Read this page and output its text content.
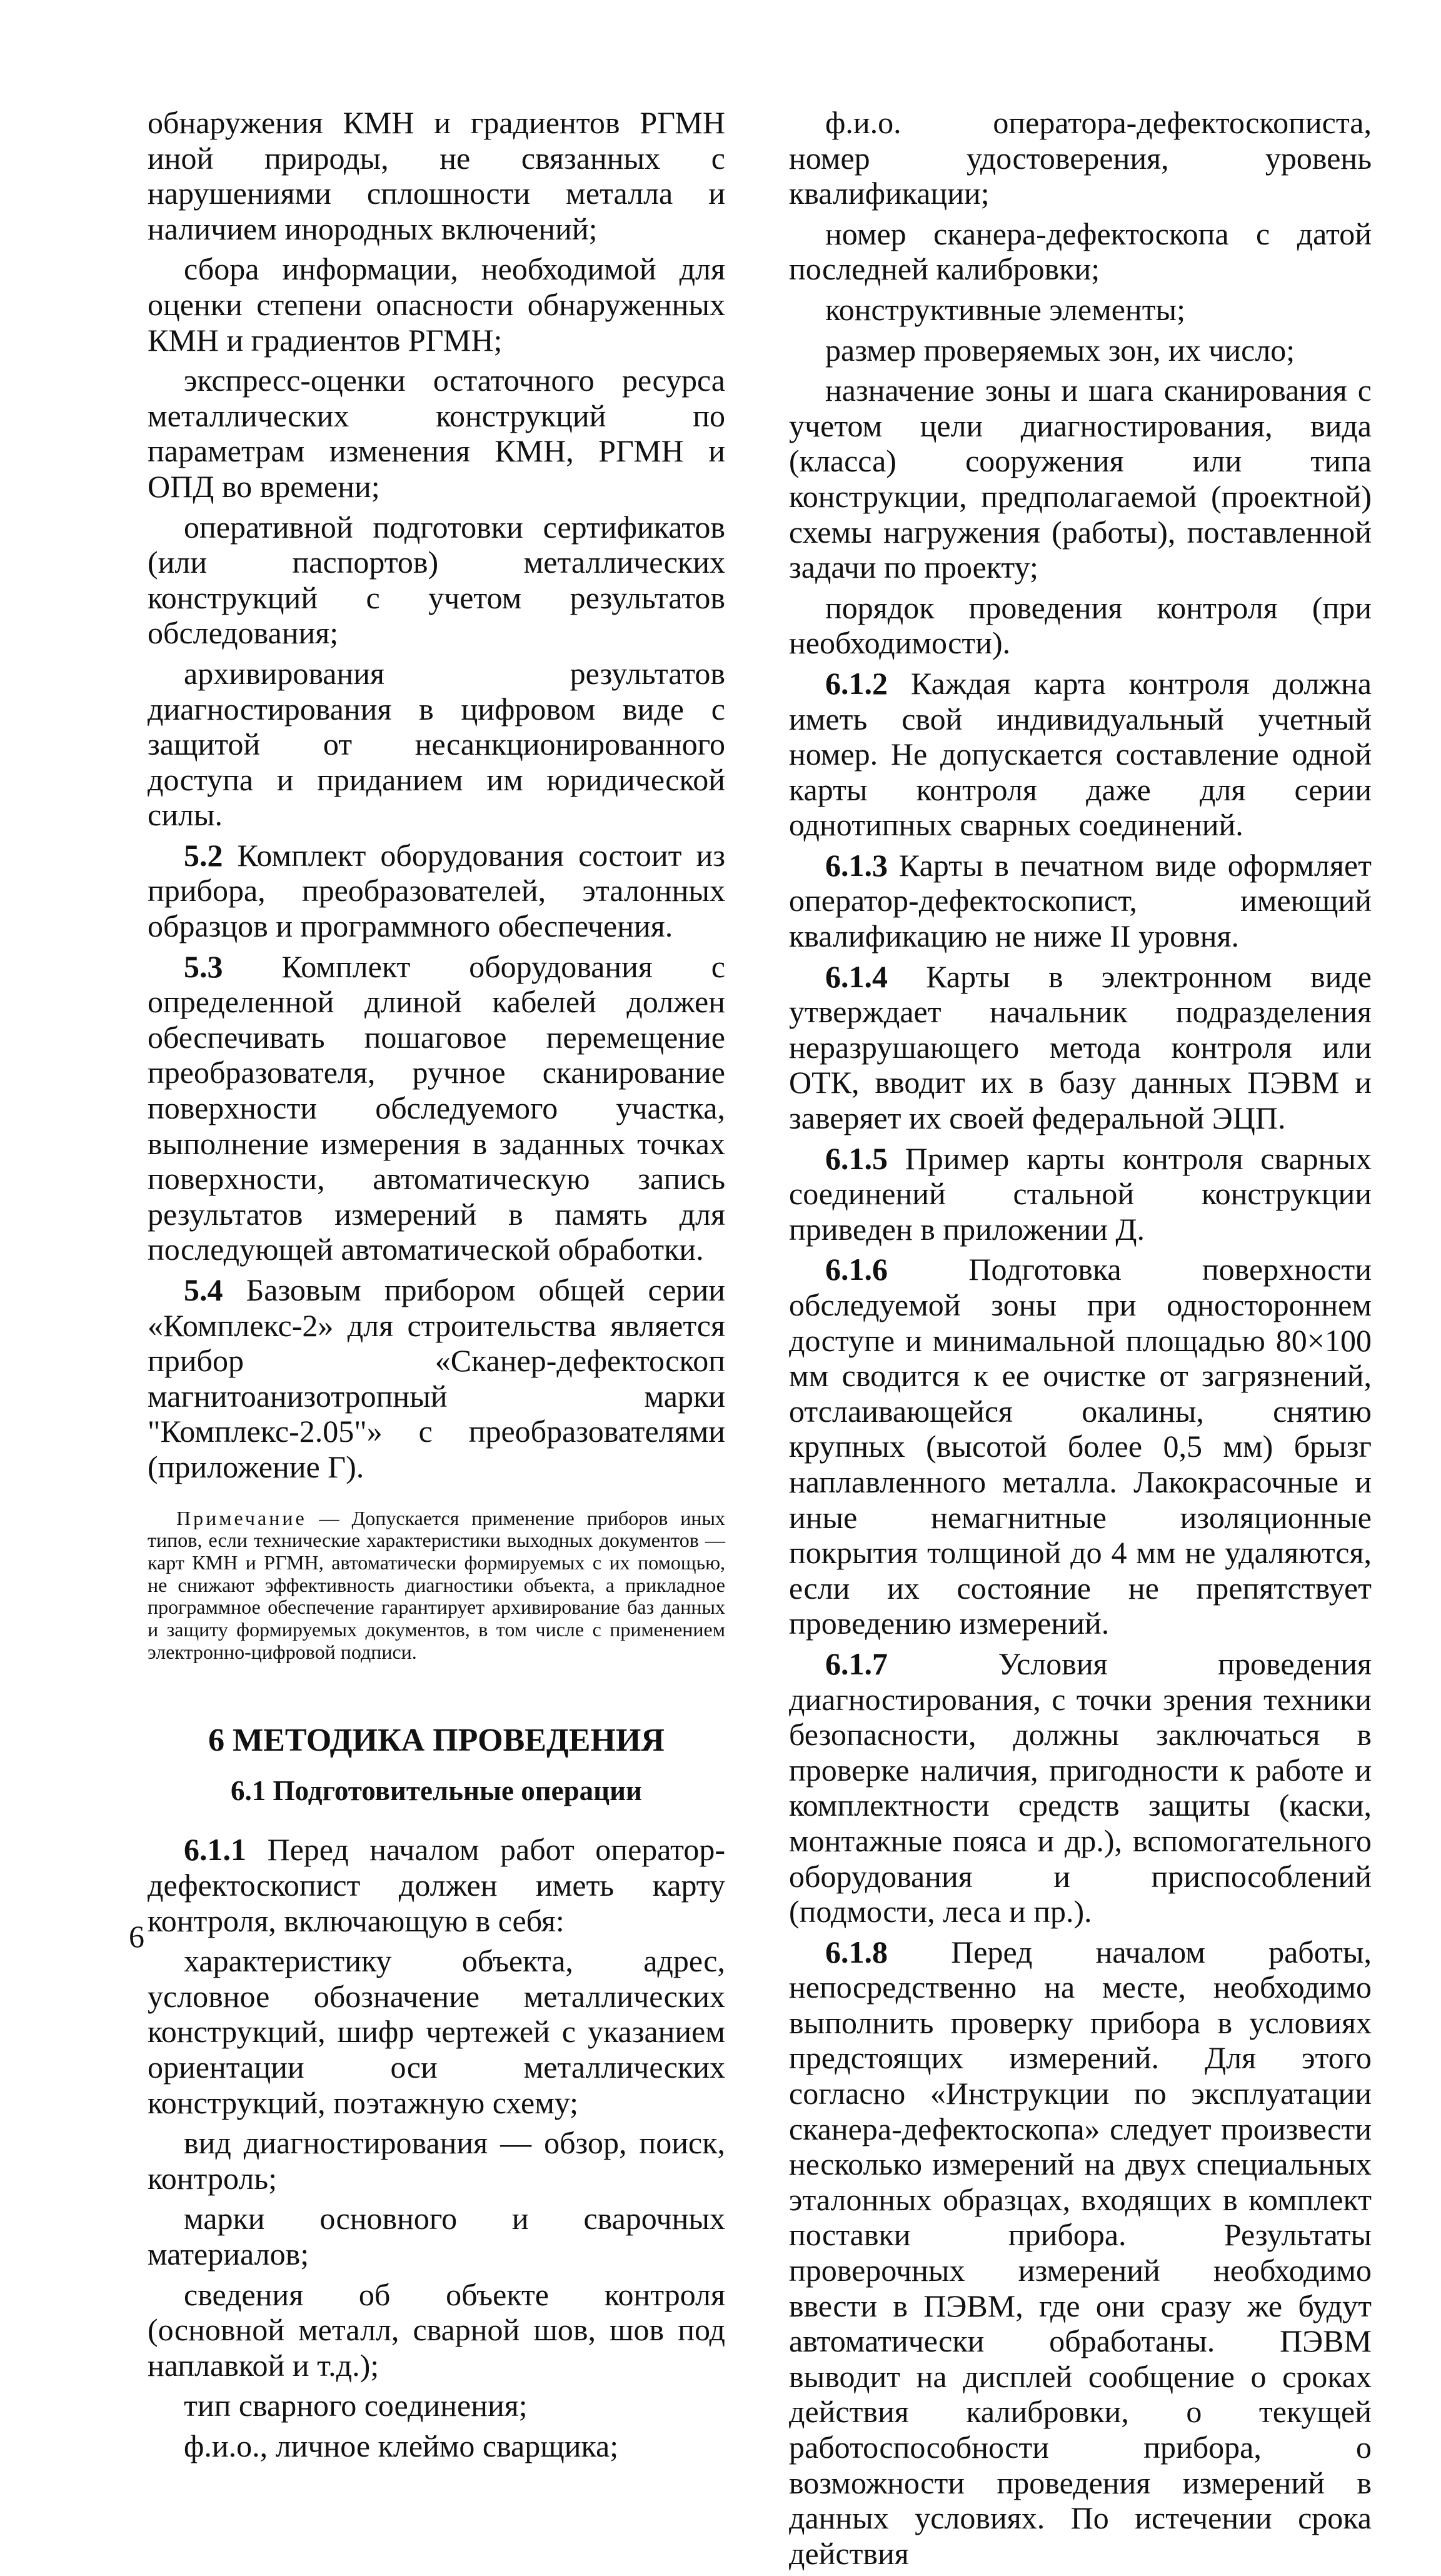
обнаружения КМН и градиентов РГМН иной природы, не связанных с нарушениями сплошности металла и наличием инородных включений;

сбора информации, необходимой для оценки степени опасности обнаруженных КМН и градиентов РГМН;

экспресс-оценки остаточного ресурса металлических конструкций по параметрам изменения КМН, РГМН и ОПД во времени;

оперативной подготовки сертификатов (или паспортов) металлических конструкций с учетом результатов обследования;

архивирования результатов диагностирования в цифровом виде с защитой от несанкционированного доступа и приданием им юридической силы.

5.2 Комплект оборудования состоит из прибора, преобразователей, эталонных образцов и программного обеспечения.

5.3 Комплект оборудования с определенной длиной кабелей должен обеспечивать пошаговое перемещение преобразователя, ручное сканирование поверхности обследуемого участка, выполнение измерения в заданных точках поверхности, автоматическую запись результатов измерений в память для последующей автоматической обработки.

5.4 Базовым прибором общей серии «Комплекс-2» для строительства является прибор «Сканер-дефектоскоп магнитоанизотропный марки "Комплекс-2.05"» с преобразователями (приложение Г).

Примечание — Допускается применение приборов иных типов, если технические характеристики выходных документов — карт КМН и РГМН, автоматически формируемых с их помощью, не снижают эффективность диагностики объекта, а прикладное программное обеспечение гарантирует архивирование баз данных и защиту формируемых документов, в том числе с применением электронно-цифровой подписи.

6 МЕТОДИКА ПРОВЕДЕНИЯ
6.1 Подготовительные операции

6.1.1 Перед началом работ оператор-дефектоскопист должен иметь карту контроля, включающую в себя:

характеристику объекта, адрес, условное обозначение металлических конструкций, шифр чертежей с указанием ориентации оси металлических конструкций, поэтажную схему;

вид диагностирования — обзор, поиск, контроль;

марки основного и сварочных материалов;

сведения об объекте контроля (основной металл, сварной шов, шов под наплавкой и т.д.);

тип сварного соединения;

ф.и.о., личное клеймо сварщика;

ф.и.о. оператора-дефектоскописта, номер удостоверения, уровень квалификации;

номер сканера-дефектоскопа с датой последней калибровки;

конструктивные элементы;

размер проверяемых зон, их число;

назначение зоны и шага сканирования с учетом цели диагностирования, вида (класса) сооружения или типа конструкции, предполагаемой (проектной) схемы нагружения (работы), поставленной задачи по проекту;

порядок проведения контроля (при необходимости).

6.1.2 Каждая карта контроля должна иметь свой индивидуальный учетный номер. Не допускается составление одной карты контроля даже для серии однотипных сварных соединений.

6.1.3 Карты в печатном виде оформляет оператор-дефектоскопист, имеющий квалификацию не ниже II уровня.

6.1.4 Карты в электронном виде утверждает начальник подразделения неразрушающего метода контроля или ОТК, вводит их в базу данных ПЭВМ и заверяет их своей федеральной ЭЦП.

6.1.5 Пример карты контроля сварных соединений стальной конструкции приведен в приложении Д.

6.1.6 Подготовка поверхности обследуемой зоны при одностороннем доступе и минимальной площадью 80×100 мм сводится к ее очистке от загрязнений, отслаивающейся окалины, снятию крупных (высотой более 0,5 мм) брызг наплавленного металла. Лакокрасочные и иные немагнитные изоляционные покрытия толщиной до 4 мм не удаляются, если их состояние не препятствует проведению измерений.

6.1.7 Условия проведения диагностирования, с точки зрения техники безопасности, должны заключаться в проверке наличия, пригодности к работе и комплектности средств защиты (каски, монтажные пояса и др.), вспомогательного оборудования и приспособлений (подмости, леса и пр.).

6.1.8 Перед началом работы, непосредственно на месте, необходимо выполнить проверку прибора в условиях предстоящих измерений. Для этого согласно «Инструкции по эксплуатации сканера-дефектоскопа» следует произвести несколько измерений на двух специальных эталонных образцах, входящих в комплект поставки прибора. Результаты проверочных измерений необходимо ввести в ПЭВМ, где они сразу же будут автоматически обработаны. ПЭВМ выводит на дисплей сообщение о сроках действия калибровки, о текущей работоспособности прибора, о возможности проведения измерений в данных условиях. По истечении срока действия

6
